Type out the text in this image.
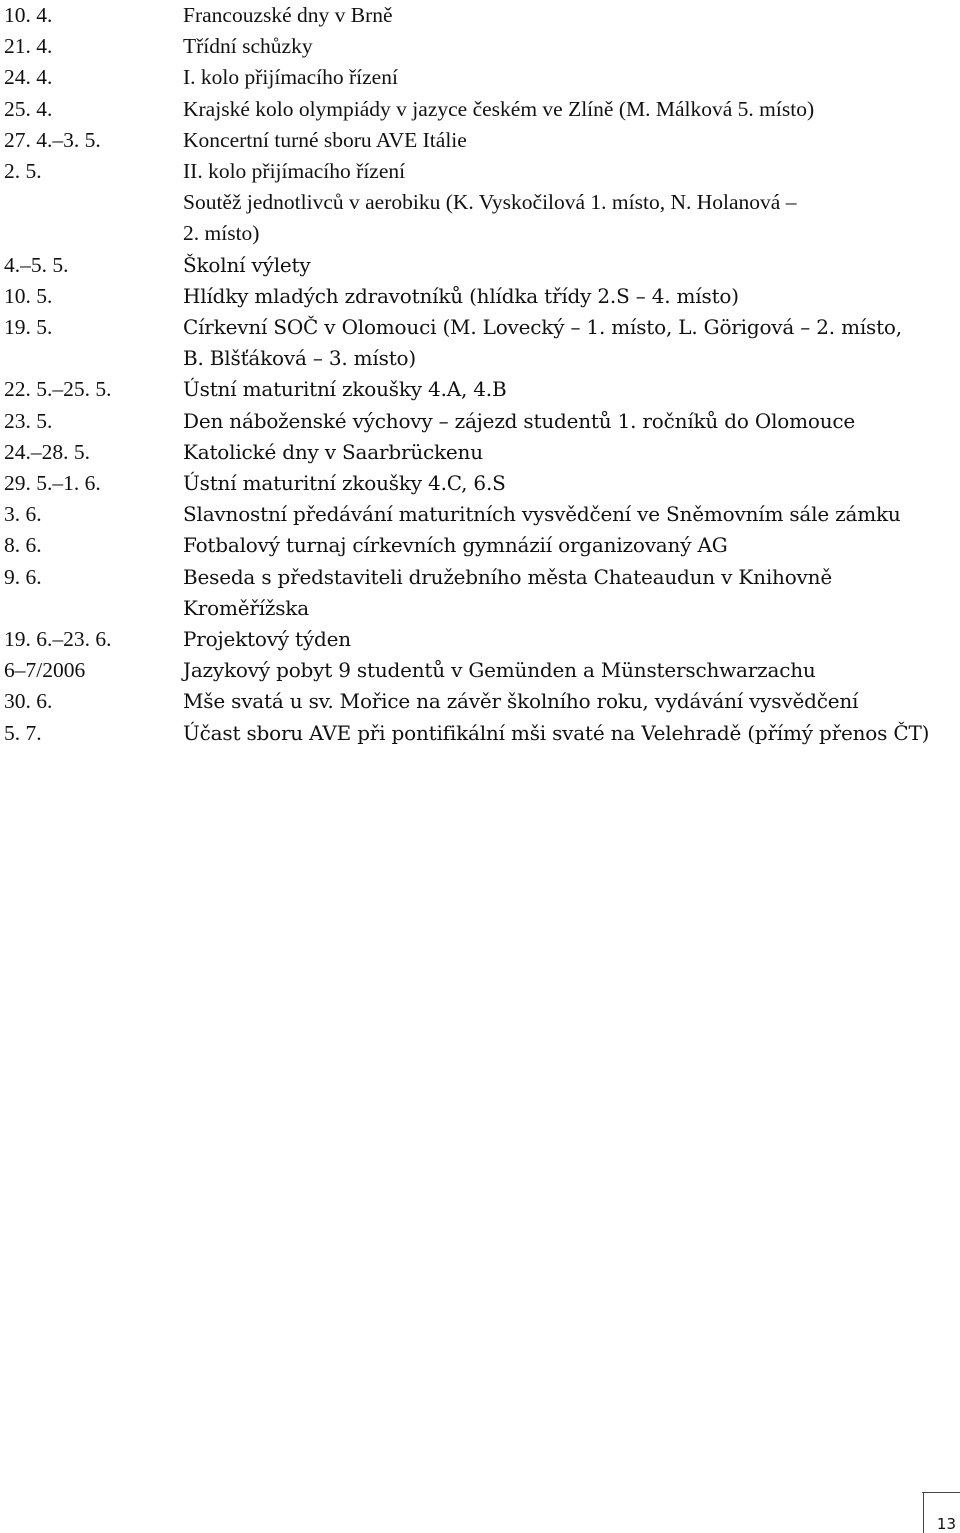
10. 4.	Francouzské dny v Brně
21. 4.	Třídní schůzky
24. 4.	I. kolo přijímacího řízení
25. 4.	Krajské kolo olympiády v jazyce českém ve Zlíně (M. Málková 5. místo)
27. 4.–3. 5.	Koncertní turné sboru AVE Itálie
2. 5.	II. kolo přijímacího řízení
Soutěž jednotlivců v aerobiku (K. Vyskočilová 1. místo, N. Holanová –
2. místo)
4.–5. 5.	Školní výlety
10. 5.	Hlídky mladých zdravotníků (hlídka třídy 2.S – 4. místo)
19. 5.	Církevní SOČ v Olomouci (M. Lovecký – 1. místo, L. Görigová – 2. místo,
B. Blšťáková – 3. místo)
22. 5.–25. 5.	Ústní maturitní zkoušky 4.A, 4.B
23. 5.	Den náboženské výchovy – zájezd studentů 1. ročníků do Olomouce
24.–28. 5.	Katolické dny v Saarbrückenu
29. 5.–1. 6.	Ústní maturitní zkoušky 4.C, 6.S
3. 6.	Slavnostní předávání maturitních vysvědčení ve Sněmovním sále zámku
8. 6.	Fotbalový turnaj církevních gymnázií organizovaný AG
9. 6.	Beseda s představiteli družebního města Chateaudun v Knihovně
Kroměřížska
19. 6.–23. 6.	Projektový týden
6–7/2006	Jazykový pobyt 9 studentů v Gemünden a Münsterschwarzachu
30. 6.	Mše svatá u sv. Mořice na závěr školního roku, vydávání vysvědčení
5. 7.	Účast sboru AVE při pontifikální mši svaté na Velehradě (přímý přenos ČT)
13
